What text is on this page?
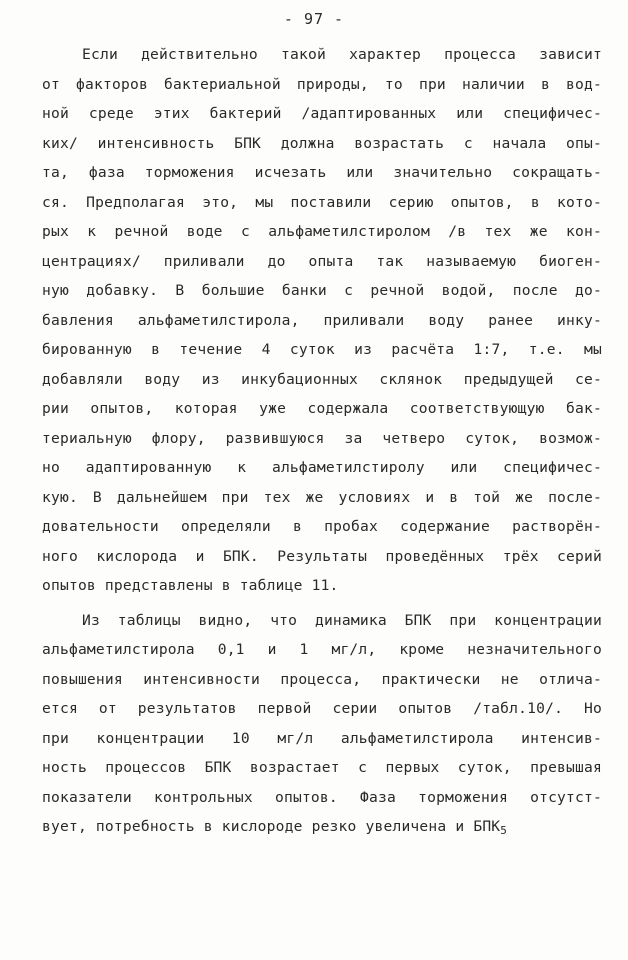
- 97 -
Если действительно такой характер процесса зависит
от факторов бактериальной природы, то при наличии в вод-
ной среде этих бактерий /адаптированных или специфичес-
ких/ интенсивность БПК должна возрастать с начала опы-
та, фаза торможения исчезать или значительно сокращать-
ся. Предполагая это, мы поставили серию опытов, в кото-
рых к речной воде с альфаметилстиролом /в тех же кон-
центрациях/ приливали до опыта так называемую биоген-
ную добавку. В большие банки с речной водой, после до-
бавления альфаметилстирола, приливали воду ранее инку-
бированную в течение 4 суток из расчёта 1:7, т.е. мы
добавляли воду из инкубационных склянок предыдущей се-
рии опытов, которая уже содержала соответствующую бак-
териальную флору, развившуюся за четверо суток, возмож-
но адаптированную к альфаметилстиролу или специфичес-
кую. В дальнейшем при тех же условиях и в той же после-
довательности определяли в пробах содержание растворён-
ного кислорода и БПК. Результаты проведённых трёх серий
опытов представлены в таблице 11.
Из таблицы видно, что динамика БПК при концентрации
альфаметилстирола 0,1 и 1 мг/л, кроме незначительного
повышения интенсивности процесса, практически не отлича-
ется от результатов первой серии опытов /табл.10/. Но
при концентрации 10 мг/л альфаметилстирола интенсив-
ность процессов БПК возрастает с первых суток, превышая
показатели контрольных опытов. Фаза торможения отсутст-
вует, потребность в кислороде резко увеличена и $БПК_5$
